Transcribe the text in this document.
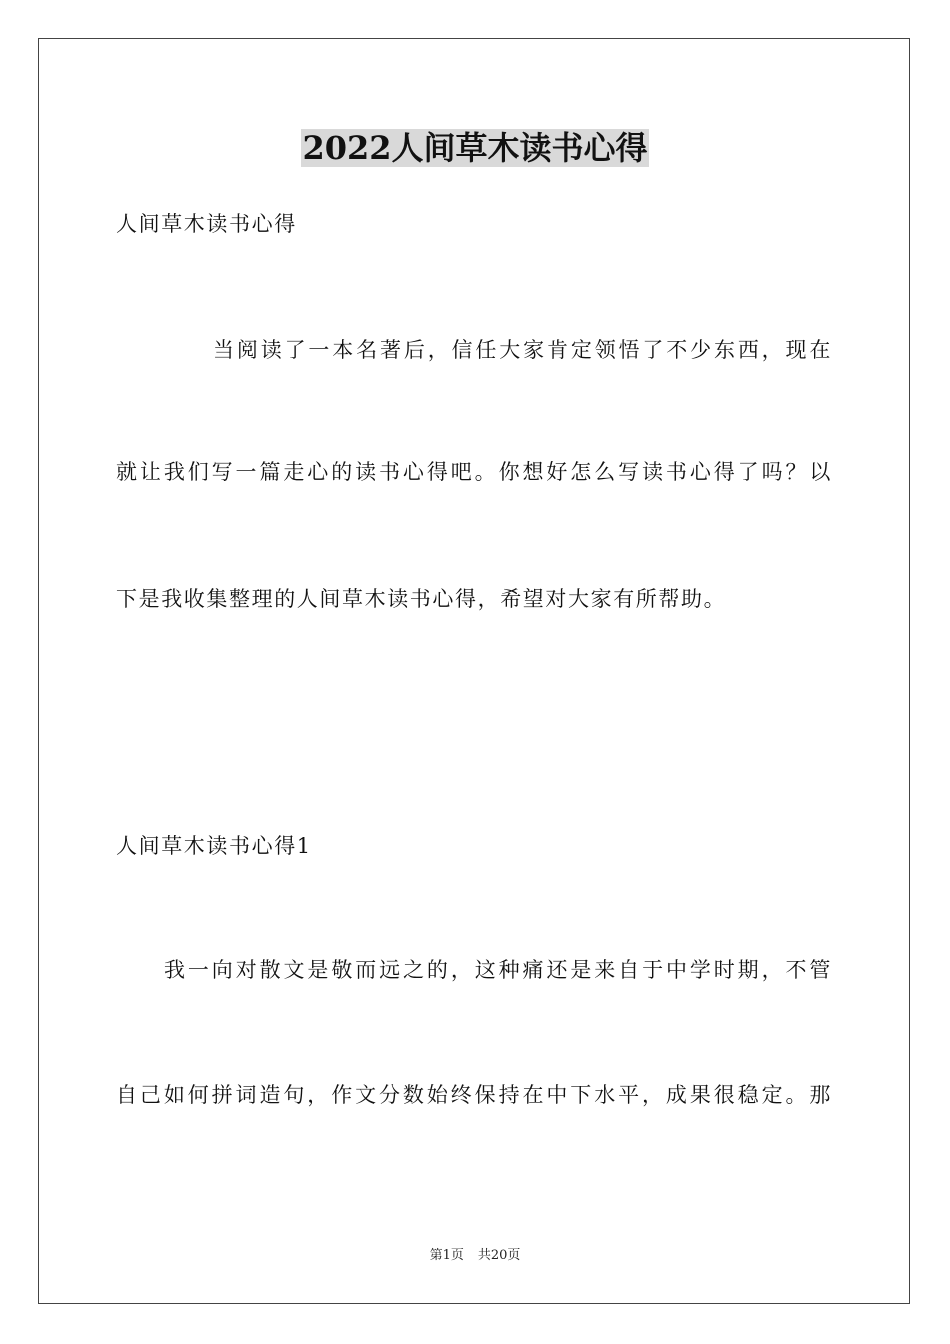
2022人间草木读书心得
人间草木读书心得
当阅读了一本名著后，信任大家肯定领悟了不少东西，现在
就让我们写一篇走心的读书心得吧。你想好怎么写读书心得了吗？以
下是我收集整理的人间草木读书心得，希望对大家有所帮助。
人间草木读书心得1
我一向对散文是敬而远之的，这种痛还是来自于中学时期，不管
自己如何拼词造句，作文分数始终保持在中下水平，成果很稳定。那
第1页 共20页
